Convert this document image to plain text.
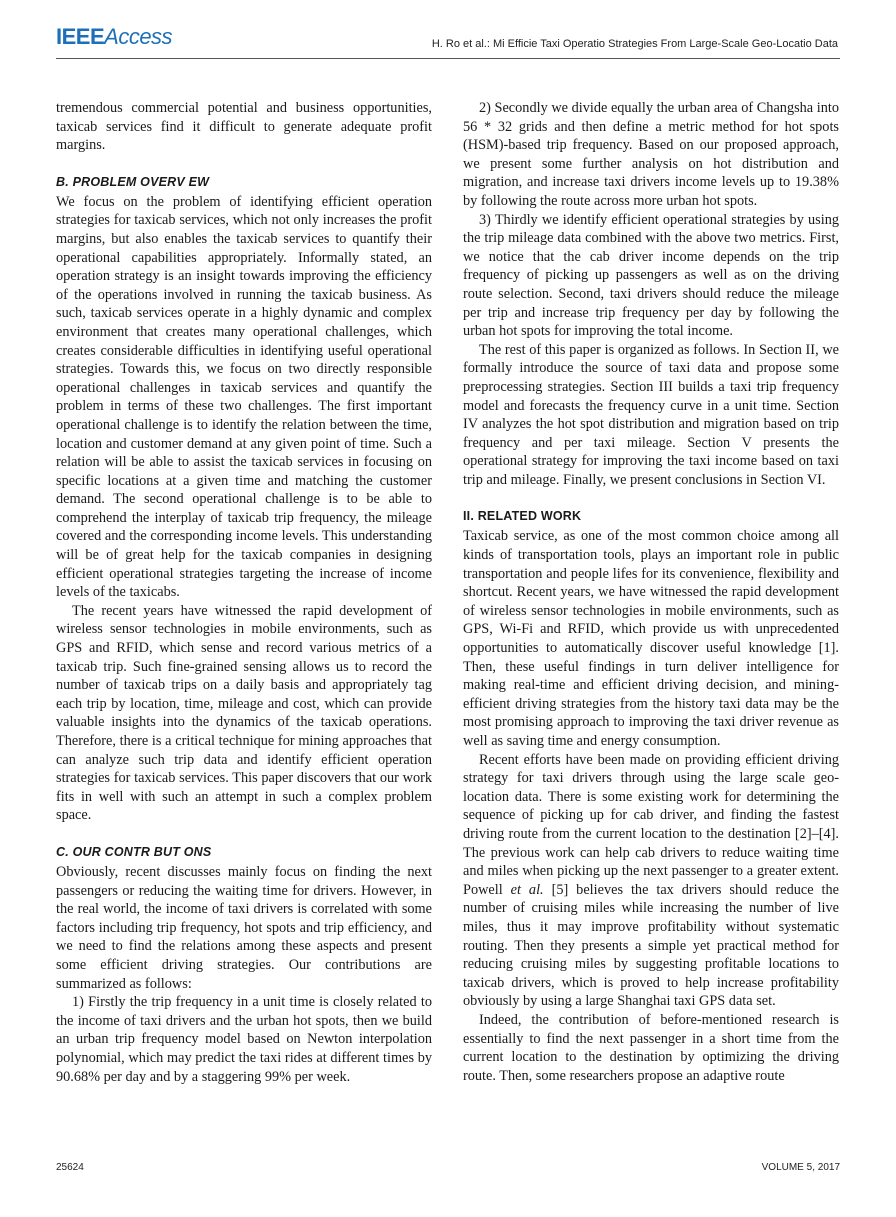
IEEEAccess	H. Ro et al.: Mi Efficie Taxi Operatio Strategies From Large-Scale Geo-Locatio Data

tremendous commercial potential and business opportunities, taxicab services find it difficult to generate adequate profit margins.

B. PROBLEM OVERV EW

We focus on the problem of identifying efficient operation strategies for taxicab services, which not only increases the profit margins, but also enables the taxicab services to quantify their operational capabilities appropriately. Informally stated, an operation strategy is an insight towards improving the efficiency of the operations involved in running the taxicab business. As such, taxicab services operate in a highly dynamic and complex environment that creates many operational challenges, which creates considerable difficulties in identifying useful operational strategies. Towards this, we focus on two directly responsible operational challenges in taxicab services and quantify the problem in terms of these two challenges. The first important operational challenge is to identify the relation between the time, location and customer demand at any given point of time. Such a relation will be able to assist the taxicab services in focusing on specific locations at a given time and matching the customer demand. The second operational challenge is to be able to comprehend the interplay of taxicab trip frequency, the mileage covered and the corresponding income levels. This understanding will be of great help for the taxicab companies in designing efficient operational strategies targeting the increase of income levels of the taxicabs.

The recent years have witnessed the rapid development of wireless sensor technologies in mobile environments, such as GPS and RFID, which sense and record various metrics of a taxicab trip. Such fine-grained sensing allows us to record the number of taxicab trips on a daily basis and appropriately tag each trip by location, time, mileage and cost, which can provide valuable insights into the dynamics of the taxicab operations. Therefore, there is a critical technique for mining approaches that can analyze such trip data and identify efficient operation strategies for taxicab services. This paper discovers that our work fits in well with such an attempt in such a complex problem space.

C. OUR CONTR BUT ONS

Obviously, recent discusses mainly focus on finding the next passengers or reducing the waiting time for drivers. However, in the real world, the income of taxi drivers is correlated with some factors including trip frequency, hot spots and trip efficiency, and we need to find the relations among these aspects and present some efficient driving strategies. Our contributions are summarized as follows:

1) Firstly the trip frequency in a unit time is closely related to the income of taxi drivers and the urban hot spots, then we build an urban trip frequency model based on Newton interpolation polynomial, which may predict the taxi rides at different times by 90.68% per day and by a staggering 99% per week.

2) Secondly we divide equally the urban area of Changsha into 56 * 32 grids and then define a metric method for hot spots (HSM)-based trip frequency. Based on our proposed approach, we present some further analysis on hot distribution and migration, and increase taxi drivers income levels up to 19.38% by following the route across more urban hot spots.

3) Thirdly we identify efficient operational strategies by using the trip mileage data combined with the above two metrics. First, we notice that the cab driver income depends on the trip frequency of picking up passengers as well as on the driving route selection. Second, taxi drivers should reduce the mileage per trip and increase trip frequency per day by following the urban hot spots for improving the total income.

The rest of this paper is organized as follows. In Section II, we formally introduce the source of taxi data and propose some preprocessing strategies. Section III builds a taxi trip frequency model and forecasts the frequency curve in a unit time. Section IV analyzes the hot spot distribution and migration based on trip frequency and per taxi mileage. Section V presents the operational strategy for improving the taxi income based on taxi trip and mileage. Finally, we present conclusions in Section VI.

II. RELATED WORK

Taxicab service, as one of the most common choice among all kinds of transportation tools, plays an important role in public transportation and people lifes for its convenience, flexibility and shortcut. Recent years, we have witnessed the rapid development of wireless sensor technologies in mobile environments, such as GPS, Wi-Fi and RFID, which provide us with unprecedented opportunities to automatically discover useful knowledge [1]. Then, these useful findings in turn deliver intelligence for making real-time and efficient driving decision, and mining-efficient driving strategies from the history taxi data may be the most promising approach to improving the taxi driver revenue as well as saving time and energy consumption.

Recent efforts have been made on providing efficient driving strategy for taxi drivers through using the large scale geo-location data. There is some existing work for determining the sequence of picking up for cab driver, and finding the fastest driving route from the current location to the destination [2]–[4]. The previous work can help cab drivers to reduce waiting time and miles when picking up the next passenger to a greater extent. Powell et al. [5] believes the tax drivers should reduce the number of cruising miles while increasing the number of live miles, thus it may improve profitability without systematic routing. Then they presents a simple yet practical method for reducing cruising miles by suggesting profitable locations to taxicab drivers, which is proved to help increase profitability obviously by using a large Shanghai taxi GPS data set.

Indeed, the contribution of before-mentioned research is essentially to find the next passenger in a short time from the current location to the destination by optimizing the driving route. Then, some researchers propose an adaptive route

25624	VOLUME 5, 2017
